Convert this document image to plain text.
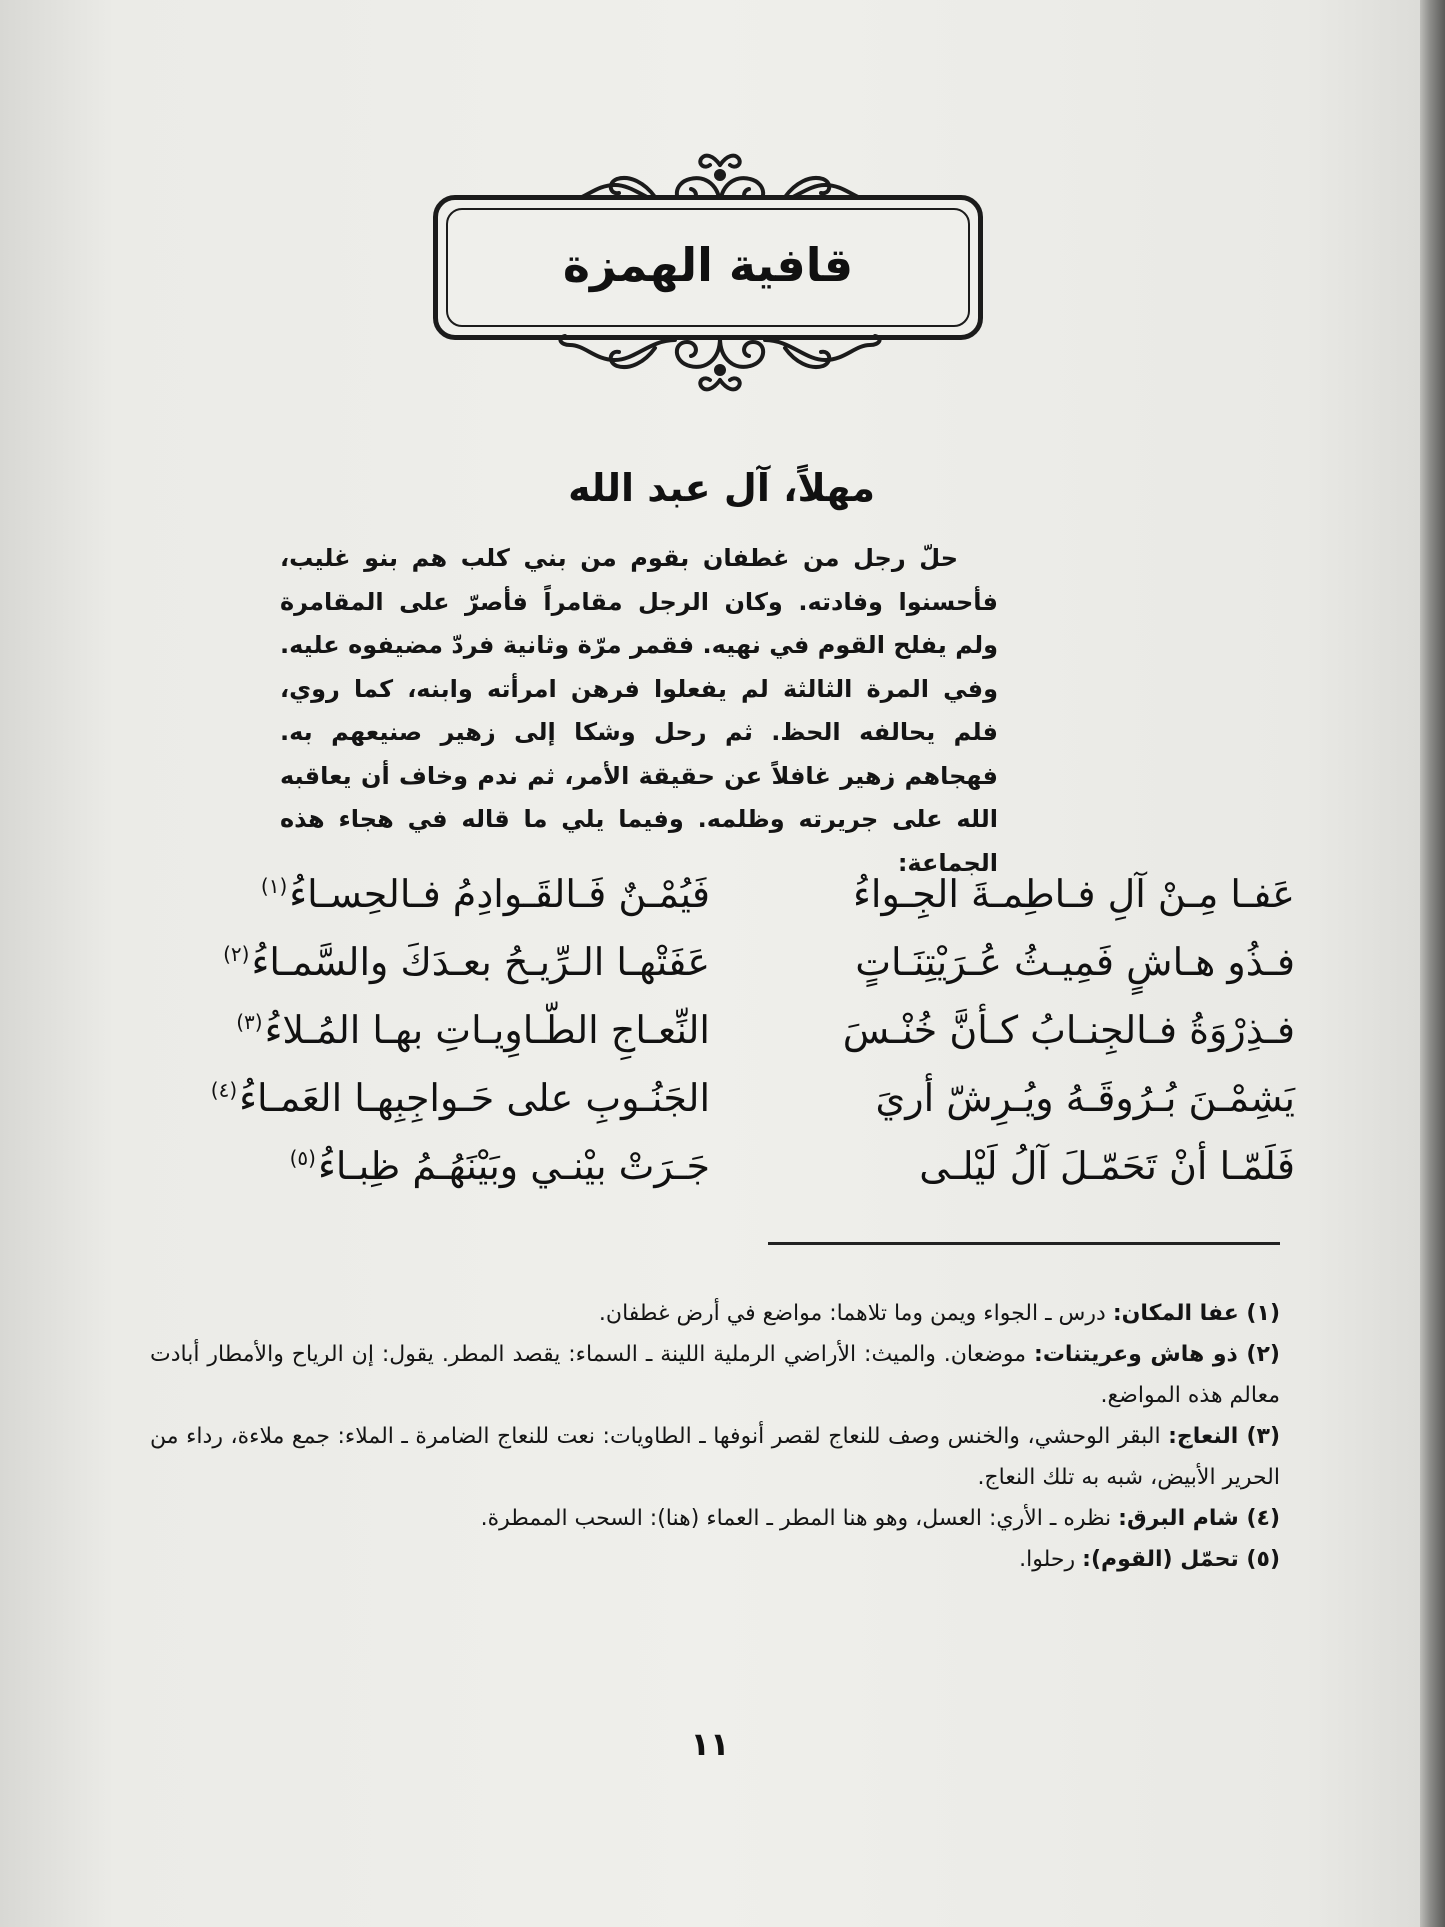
قافية الهمزة
مهلاً، آل عبد الله

حلّ رجل من غطفان بقوم من بني كلب هم بنو غليب، فأحسنوا وفادته. وكان الرجل مقامراً فأصرّ على المقامرة ولم يفلح القوم في نهيه. فقمر مرّة وثانية فردّ مضيفوه عليه. وفي المرة الثالثة لم يفعلوا فرهن امرأته وابنه، كما روي، فلم يحالفه الحظ. ثم رحل وشكا إلى زهير صنيعهم به. فهجاهم زهير غافلاً عن حقيقة الأمر، ثم ندم وخاف أن يعاقبه الله على جريرته وظلمه. وفيما يلي ما قاله في هجاء هذه الجماعة:

عَفـا مِـنْ آلِ فـاطِمـةَ الجِـواءُ
فَيُمْـنٌ فَـالقَـوادِمُ فـالحِسـاءُ$^{(١)}$
فـذُو هـاشٍ فَمِيـثُ عُـرَيْتِنَـاتٍ
عَفَتْهـا الـرِّيـحُ بعـدَكَ والسَّمـاءُ$^{(٢)}$
فـذِرْوَةُ فـالجِنـابُ كـأنَّ خُنْـسَ
النِّعـاجِ الطّـاوِيـاتِ بهـا المُـلاءُ$^{(٣)}$
يَشِمْـنَ بُـرُوقَـهُ ويُـرِشّ أريَ
الجَنُـوبِ على حَـواجِبِهـا العَمـاءُ$^{(٤)}$
فَلَمّـا أنْ تَحَمّـلَ آلُ لَيْلـى
جَـرَتْ بيْنـي وبَيْنَهُـمُ ظِبـاءُ$^{(٥)}$

(١) عفا المكان: درس ـ الجواء ويمن وما تلاهما: مواضع في أرض غطفان.

(٢) ذو هاش وعريتنات: موضعان. والميث: الأراضي الرملية اللينة ـ السماء: يقصد المطر. يقول: إن الرياح والأمطار أبادت معالم هذه المواضع.

(٣) النعاج: البقر الوحشي، والخنس وصف للنعاج لقصر أنوفها ـ الطاويات: نعت للنعاج الضامرة ـ الملاء: جمع ملاءة، رداء من الحرير الأبيض، شبه به تلك النعاج.

(٤) شام البرق: نظره ـ الأري: العسل، وهو هنا المطر ـ العماء (هنا): السحب الممطرة.

(٥) تحمّل (القوم): رحلوا.

١١
